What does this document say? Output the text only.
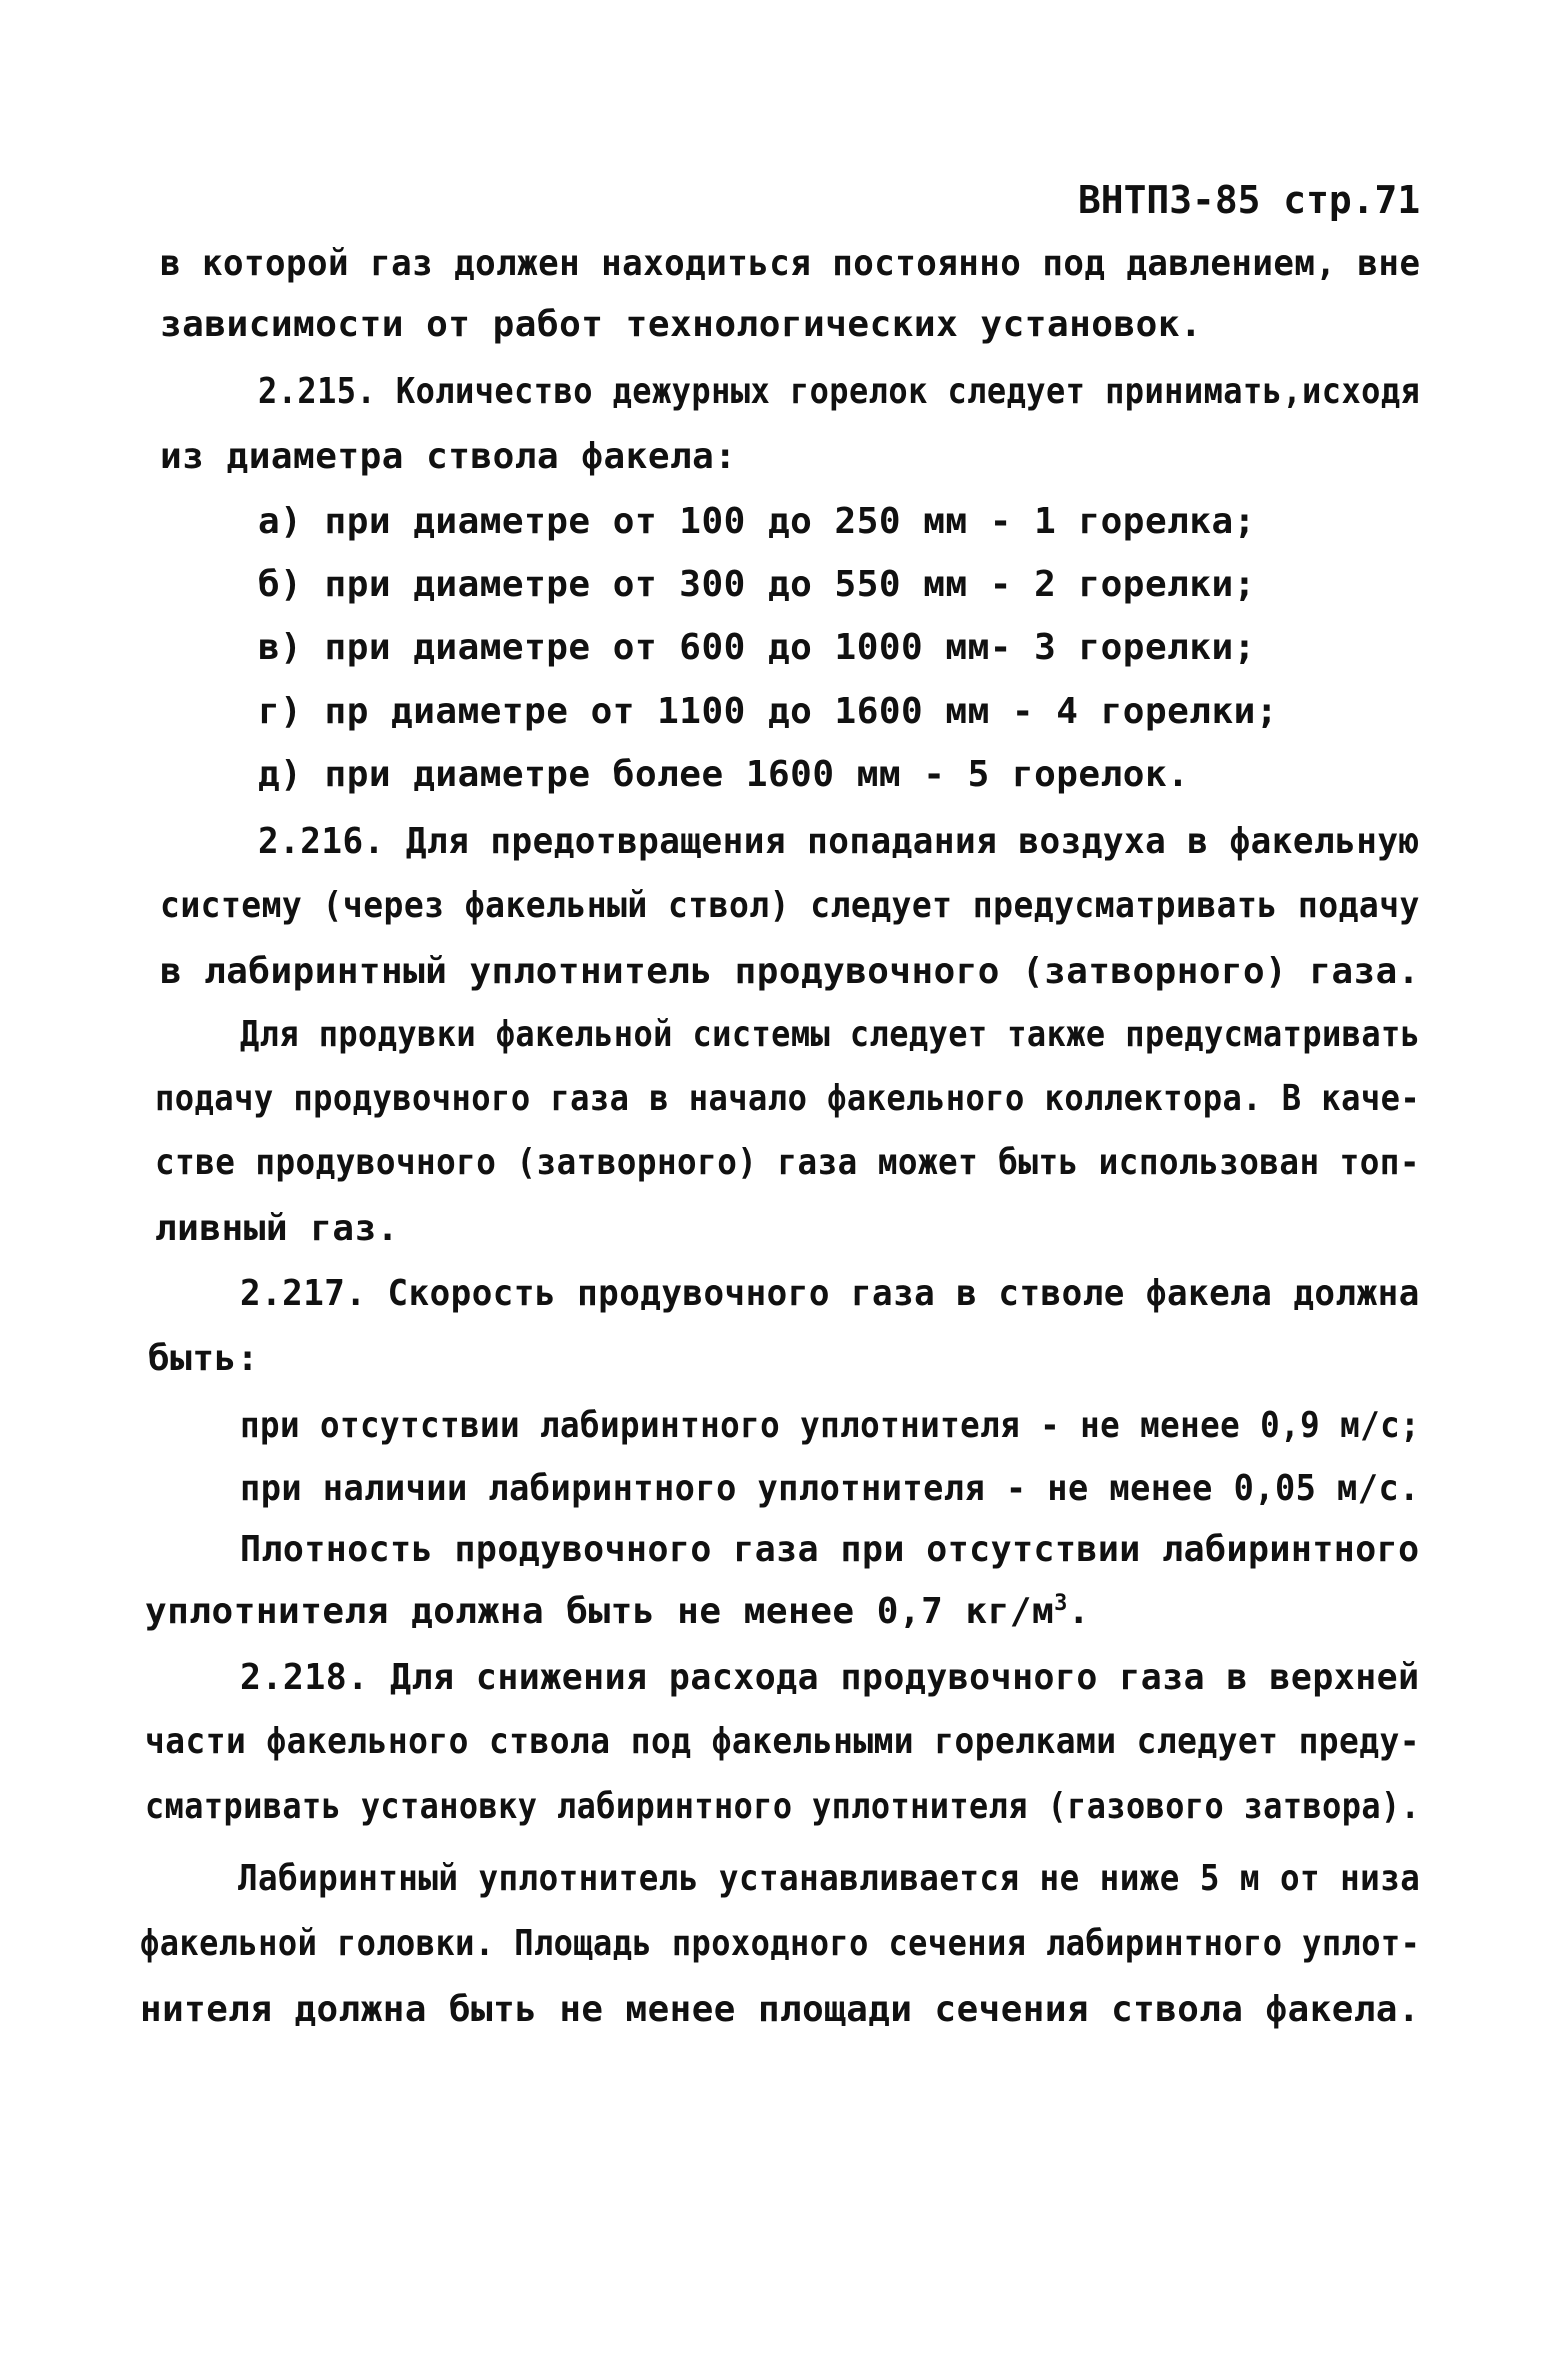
ВНТП3-85 стр.71
в которой газ должен находиться постоянно под давлением, вне
зависимости от работ технологических установок.
2.215. Количество дежурных горелок следует принимать,исходя
из диаметра ствола факела:
а) при диаметре от 100 до 250 мм - 1 горелка;
б) при диаметре от 300 до 550 мм - 2 горелки;
в) при диаметре от 600 до 1000 мм- 3 горелки;
г) пр диаметре от 1100 до 1600 мм - 4 горелки;
д) при диаметре более 1600 мм - 5 горелок.
2.216. Для предотвращения попадания воздуха в факельную
систему (через факельный ствол) следует предусматривать подачу
в лабиринтный уплотнитель продувочного (затворного) газа.
Для продувки факельной системы следует также предусматривать
подачу продувочного газа в начало факельного коллектора. В каче-
стве продувочного (затворного) газа может быть использован топ-
ливный газ.
2.217. Скорость продувочного газа в стволе факела должна
быть:
при отсутствии лабиринтного уплотнителя - не менее 0,9 м/с;
при наличии лабиринтного уплотнителя - не менее 0,05 м/с.
Плотность продувочного газа при отсутствии лабиринтного
уплотнителя должна быть не менее 0,7 $кг/м^3$.
2.218. Для снижения расхода продувочного газа в верхней
части факельного ствола под факельными горелками следует преду-
сматривать установку лабиринтного уплотнителя (газового затвора).
Лабиринтный уплотнитель устанавливается не ниже 5 м от низа
факельной головки. Площадь проходного сечения лабиринтного уплот-
нителя должна быть не менее площади сечения ствола факела.
